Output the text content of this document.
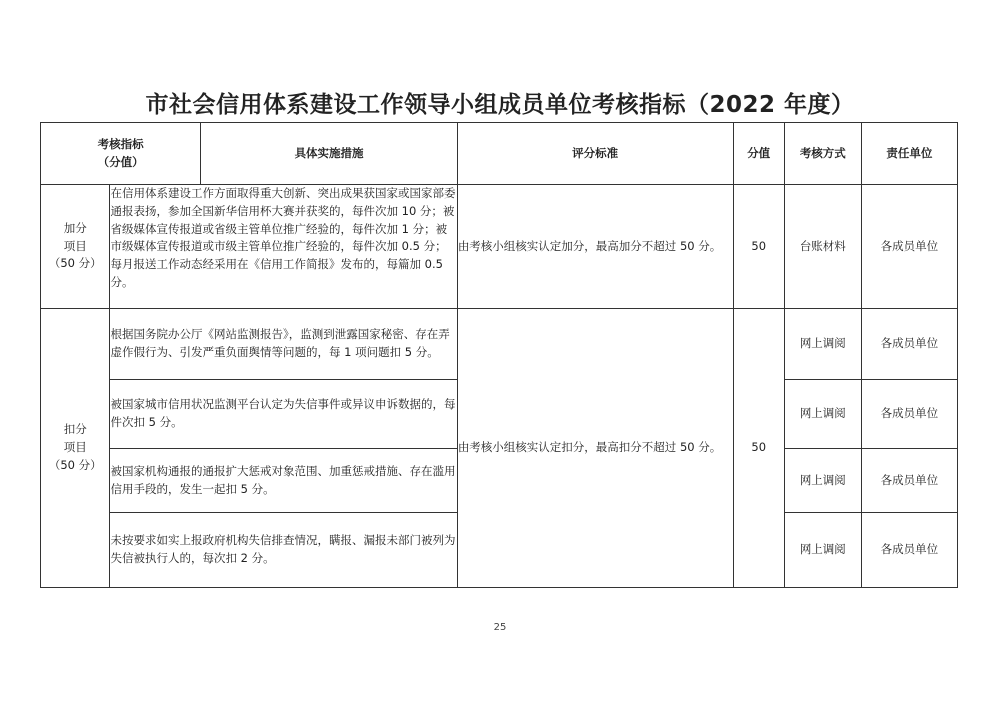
市社会信用体系建设工作领导小组成员单位考核指标（2022 年度）
考核指标
（分值）		具体实施措施	评分标准	分值	考核方式	责任单位

加分
项目
（50 分）	在信用体系建设工作方面取得重大创新、突出成果获国家或国家部委通报表扬，参加全国新华信用杯大赛并获奖的，每件次加 10 分；被省级媒体宣传报道或省级主管单位推广经验的，每件次加 1 分；被市级媒体宣传报道或市级主管单位推广经验的，每件次加 0.5 分；每月报送工作动态经采用在《信用工作简报》发布的，每篇加 0.5 分。		由考核小组核实认定加分，最高加分不超过 50 分。	50	台账材料	各成员单位

扣分
项目
（50 分）	根据国务院办公厅《网站监测报告》，监测到泄露国家秘密、存在弄虚作假行为、引发严重负面舆情等问题的，每 1 项问题扣 5 分。		由考核小组核实认定扣分，最高扣分不超过 50 分。	50	网上调阅	各成员单位
	被国家城市信用状况监测平台认定为失信事件或异议申诉数据的，每件次扣 5 分。				网上调阅	各成员单位
	被国家机构通报的通报扩大惩戒对象范围、加重惩戒措施、存在滥用信用手段的，发生一起扣 5 分。				网上调阅	各成员单位
	未按要求如实上报政府机构失信排查情况，瞒报、漏报未部门被列为失信被执行人的，每次扣 2 分。				网上调阅	各成员单位
25
